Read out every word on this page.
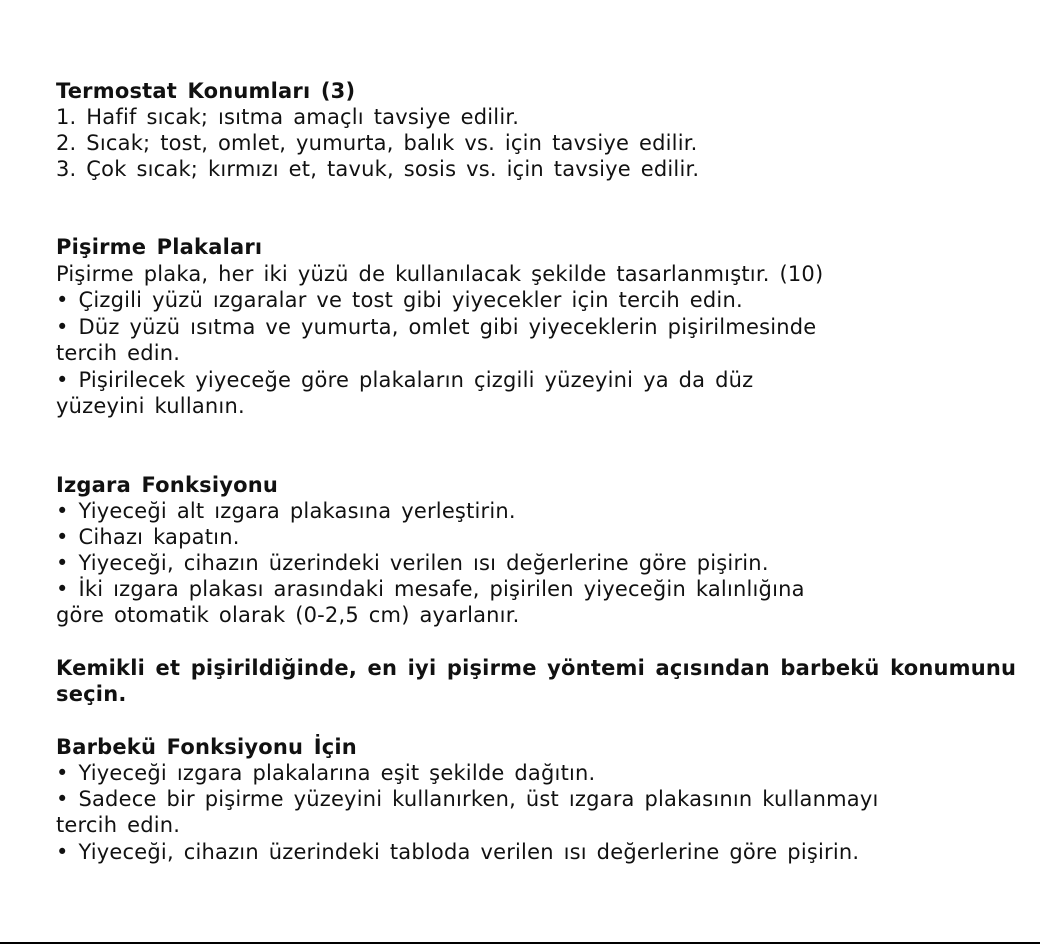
Termostat Konumları (3)
1. Hafif sıcak; ısıtma amaçlı tavsiye edilir.
2. Sıcak; tost, omlet, yumurta, balık vs. için tavsiye edilir.
3. Çok sıcak; kırmızı et, tavuk, sosis vs. için tavsiye edilir.
Pişirme Plakaları
Pişirme plaka, her iki yüzü de kullanılacak şekilde tasarlanmıştır. (10)
• Çizgili yüzü ızgaralar ve tost gibi yiyecekler için tercih edin.
• Düz yüzü ısıtma ve yumurta, omlet gibi yiyeceklerin pişirilmesinde
tercih edin.
• Pişirilecek yiyeceğe göre plakaların çizgili yüzeyini ya da düz
yüzeyini kullanın.
Izgara Fonksiyonu
• Yiyeceği alt ızgara plakasına yerleştirin.
• Cihazı kapatın.
• Yiyeceği, cihazın üzerindeki verilen ısı değerlerine göre pişirin.
• İki ızgara plakası arasındaki mesafe, pişirilen yiyeceğin kalınlığına
göre otomatik olarak (0-2,5 cm) ayarlanır.
Kemikli et pişirildiğinde, en iyi pişirme yöntemi açısından barbekü konumunu
seçin.
Barbekü Fonksiyonu İçin
• Yiyeceği ızgara plakalarına eşit şekilde dağıtın.
• Sadece bir pişirme yüzeyini kullanırken, üst ızgara plakasının kullanmayı
tercih edin.
• Yiyeceği, cihazın üzerindeki tabloda verilen ısı değerlerine göre pişirin.
